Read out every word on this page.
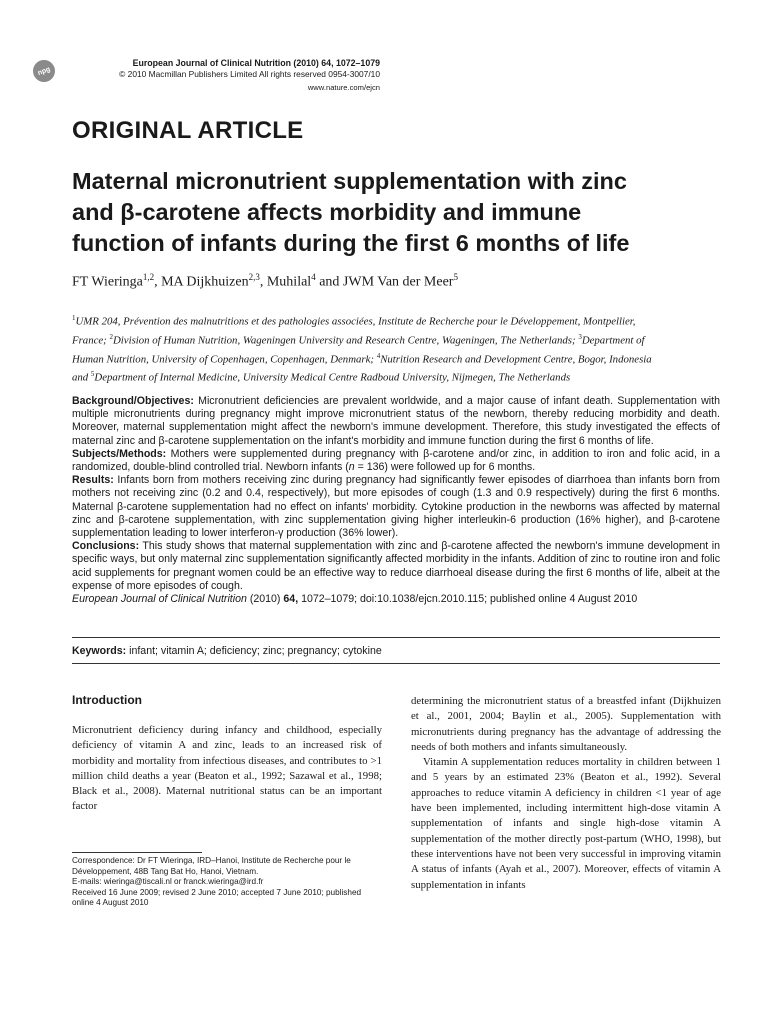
npg
European Journal of Clinical Nutrition (2010) 64, 1072–1079
© 2010 Macmillan Publishers Limited All rights reserved 0954-3007/10
www.nature.com/ejcn
ORIGINAL ARTICLE
Maternal micronutrient supplementation with zinc
and β-carotene affects morbidity and immune
function of infants during the first 6 months of life
FT Wieringa$^{1,2}$, MA Dijkhuizen$^{2,3}$, Muhilal$^4$ and JWM Van der Meer$^5$
$^1$UMR 204, Prévention des malnutritions et des pathologies associées, Institute de Recherche pour le Développement, Montpellier,
France; $^2$Division of Human Nutrition, Wageningen University and Research Centre, Wageningen, The Netherlands; $^3$Department of
Human Nutrition, University of Copenhagen, Copenhagen, Denmark; $^4$Nutrition Research and Development Centre, Bogor, Indonesia
and $^5$Department of Internal Medicine, University Medical Centre Radboud University, Nijmegen, The Netherlands

Background/Objectives: Micronutrient deficiencies are prevalent worldwide, and a major cause of infant death. Supplementation with multiple micronutrients during pregnancy might improve micronutrient status of the newborn, thereby reducing morbidity and death. Moreover, maternal supplementation might affect the newborn's immune development. Therefore, this study investigated the effects of maternal zinc and β-carotene supplementation on the infant's morbidity and immune function during the first 6 months of life.

Subjects/Methods: Mothers were supplemented during pregnancy with β-carotene and/or zinc, in addition to iron and folic acid, in a randomized, double-blind controlled trial. Newborn infants (n = 136) were followed up for 6 months.

Results: Infants born from mothers receiving zinc during pregnancy had significantly fewer episodes of diarrhoea than infants born from mothers not receiving zinc (0.2 and 0.4, respectively), but more episodes of cough (1.3 and 0.9 respectively) during the first 6 months. Maternal β-carotene supplementation had no effect on infants' morbidity. Cytokine production in the newborns was affected by maternal zinc and β-carotene supplementation, with zinc supplementation giving higher interleukin-6 production (16% higher), and β-carotene supplementation leading to lower interferon-γ production (36% lower).

Conclusions: This study shows that maternal supplementation with zinc and β-carotene affected the newborn's immune development in specific ways, but only maternal zinc supplementation significantly affected morbidity in the infants. Addition of zinc to routine iron and folic acid supplements for pregnant women could be an effective way to reduce diarrhoeal disease during the first 6 months of life, albeit at the expense of more episodes of cough.

European Journal of Clinical Nutrition (2010) 64, 1072–1079; doi:10.1038/ejcn.2010.115; published online 4 August 2010

Keywords: infant; vitamin A; deficiency; zinc; pregnancy; cytokine
Introduction

Micronutrient deficiency during infancy and childhood, especially deficiency of vitamin A and zinc, leads to an increased risk of morbidity and mortality from infectious diseases, and contributes to >1 million child deaths a year (Beaton et al., 1992; Sazawal et al., 1998; Black et al., 2008). Maternal nutritional status can be an important factor

determining the micronutrient status of a breastfed infant (Dijkhuizen et al., 2001, 2004; Baylin et al., 2005). Supplementation with micronutrients during pregnancy has the advantage of addressing the needs of both mothers and infants simultaneously.

Vitamin A supplementation reduces mortality in children between 1 and 5 years by an estimated 23% (Beaton et al., 1992). Several approaches to reduce vitamin A deficiency in children <1 year of age have been implemented, including intermittent high-dose vitamin A supplementation of infants and single high-dose vitamin A supplementation of the mother directly post-partum (WHO, 1998), but these interventions have not been very successful in improving vitamin A status of infants (Ayah et al., 2007). Moreover, effects of vitamin A supplementation in infants

Correspondence: Dr FT Wieringa, IRD–Hanoi, Institute de Recherche pour le
Développement, 48B Tang Bat Ho, Hanoi, Vietnam.
E-mails: wieringa@tiscali.nl or franck.wieringa@ird.fr
Received 16 June 2009; revised 2 June 2010; accepted 7 June 2010; published
online 4 August 2010
